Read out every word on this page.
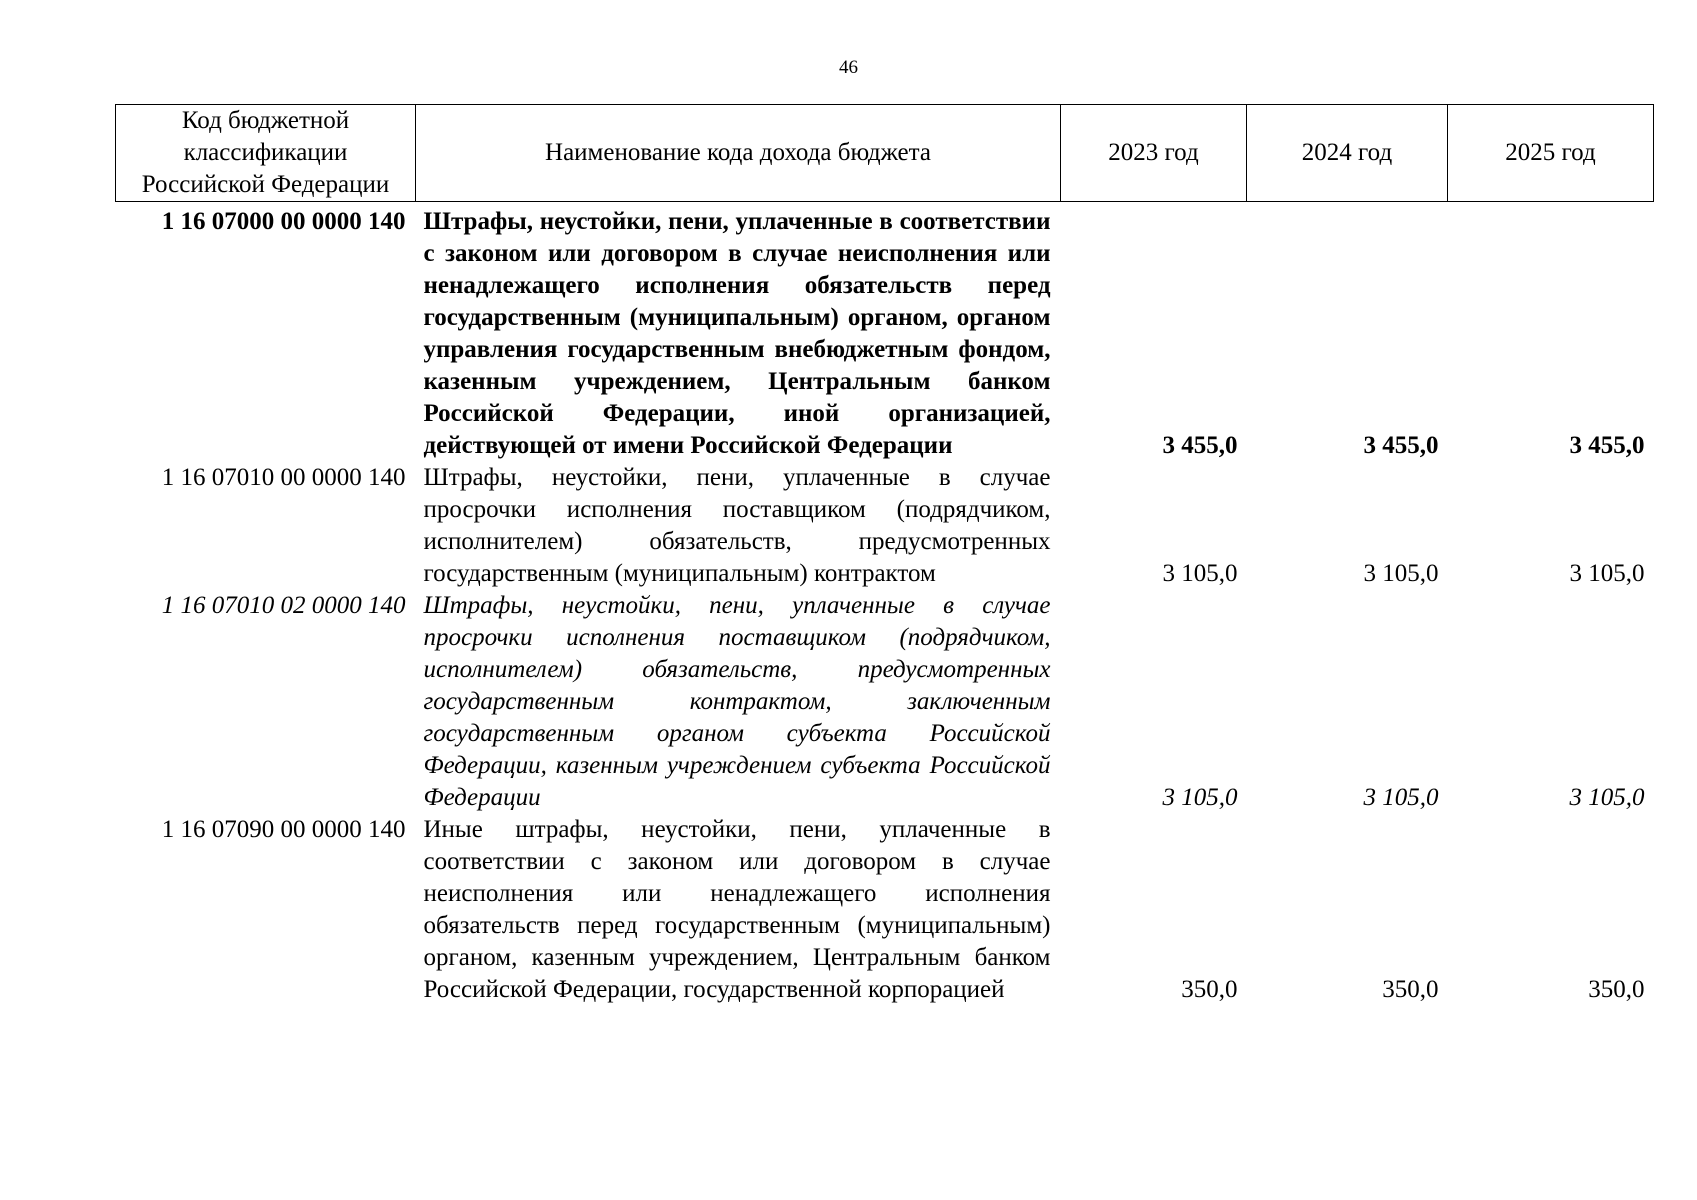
46
Код бюджетной классификации Российской Федерации	Наименование кода дохода бюджета	2023 год	2024 год	2025 год
1 16 07000 00 0000 140	Штрафы, неустойки, пени, уплаченные в соответствии с законом или договором в случае неисполнения или ненадлежащего исполнения обязательств перед государственным (муниципальным) органом, органом управления государственным внебюджетным фондом, казенным учреждением, Центральным банком Российской Федерации, иной организацией, действующей от имени Российской Федерации	3 455,0	3 455,0	3 455,0
1 16 07010 00 0000 140	Штрафы, неустойки, пени, уплаченные в случае просрочки исполнения поставщиком (подрядчиком, исполнителем) обязательств, предусмотренных государственным (муниципальным) контрактом	3 105,0	3 105,0	3 105,0
1 16 07010 02 0000 140	Штрафы, неустойки, пени, уплаченные в случае просрочки исполнения поставщиком (подрядчиком, исполнителем) обязательств, предусмотренных государственным контрактом, заключенным государственным органом субъекта Российской Федерации, казенным учреждением субъекта Российской Федерации	3 105,0	3 105,0	3 105,0
1 16 07090 00 0000 140	Иные штрафы, неустойки, пени, уплаченные в соответствии с законом или договором в случае неисполнения или ненадлежащего исполнения обязательств перед государственным (муниципальным) органом, казенным учреждением, Центральным банком Российской Федерации, государственной корпорацией	350,0	350,0	350,0
